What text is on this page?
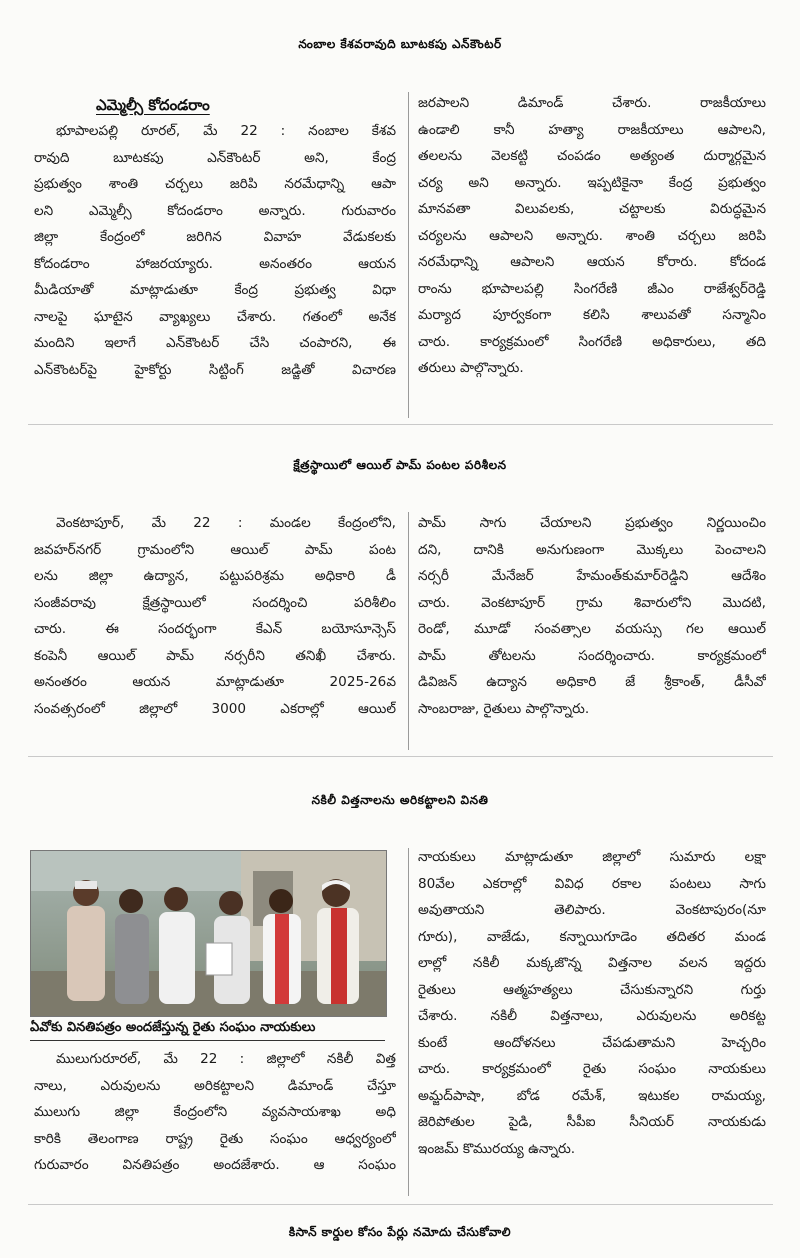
నంబాల కేశవరావుది బూటకపు ఎన్‌కౌంటర్
ఎమ్మెల్సీ కోదండరాం
భూపాలపల్లి రూరల్, మే 22 : నంబాల కేశవ
రావుది బూటకపు ఎన్‌కౌంటర్ అని, కేంద్ర
ప్రభుత్వం శాంతి చర్చలు జరిపి నరమేధాన్ని ఆపా
లని ఎమ్మెల్సీ కోదండరాం అన్నారు. గురువారం
జిల్లా కేంద్రంలో జరిగిన వివాహ వేడుకలకు
కోదండరాం హాజరయ్యారు. అనంతరం ఆయన
మీడియాతో మాట్లాడుతూ కేంద్ర ప్రభుత్వ విధా
నాలపై ఘాటైన వ్యాఖ్యలు చేశారు. గతంలో అనేక
మందిని ఇలాగే ఎన్‌కౌంటర్ చేసి చంపారని, ఈ
ఎన్‌కౌంటర్‌పై హైకోర్టు సిట్టింగ్ జడ్జితో విచారణ
జరపాలని డిమాండ్ చేశారు. రాజకీయాలు
ఉండాలి కానీ హత్యా రాజకీయాలు ఆపాలని,
తలలను వెలకట్టి చంపడం అత్యంత దుర్మార్గమైన
చర్య అని అన్నారు. ఇప్పటికైనా కేంద్ర ప్రభుత్వం
మానవతా విలువలకు, చట్టాలకు విరుద్ధమైన
చర్యలను ఆపాలని అన్నారు. శాంతి చర్చలు జరిపి
నరమేధాన్ని ఆపాలని ఆయన కోరారు. కోదండ
రాంను భూపాలపల్లి సింగరేణి జీఎం రాజేశ్వర్‌రెడ్డి
మర్యాద పూర్వకంగా కలిసి శాలువతో సన్మానిం
చారు. కార్యక్రమంలో సింగరేణి అధికారులు, తది
తరులు పాల్గొన్నారు.
క్షేత్రస్థాయిలో ఆయిల్ పామ్ పంటల పరిశీలన
వెంకటాపూర్, మే 22 : మండల కేంద్రంలోని,
జవహర్‌నగర్ గ్రామంలోని ఆయిల్ పామ్ పంట
లను జిల్లా ఉద్యాన, పట్టుపరిశ్రమ అధికారి డీ
సంజీవరావు క్షేత్రస్థాయిలో సందర్శించి పరిశీలిం
చారు. ఈ సందర్భంగా కేఎన్ బయోసూన్సెస్
కంపెనీ ఆయిల్ పామ్ నర్సరీని తనిఖీ చేశారు.
అనంతరం ఆయన మాట్లాడుతూ 2025-26వ
సంవత్సరంలో జిల్లాలో 3000 ఎకరాల్లో ఆయిల్
పామ్ సాగు చేయాలని ప్రభుత్వం నిర్ణయించిం
దని, దానికి అనుగుణంగా మొక్కలు పెంచాలని
నర్సరీ మేనేజర్ హేమంత్‌కుమార్‌రెడ్డిని ఆదేశిం
చారు. వెంకటాపూర్ గ్రామ శివారులోని మొదటి,
రెండో, మూడో సంవత్సాల వయస్సు గల ఆయిల్
పామ్ తోటలను సందర్శించారు. కార్యక్రమంలో
డివిజన్ ఉద్యాన అధికారి జే శ్రీకాంత్, డీసీవో
సాంబరాజు, రైతులు పాల్గొన్నారు.
నకిలీ విత్తనాలను అరికట్టాలని వినతి
ఏవోకు వినతిపత్రం అందజేస్తున్న రైతు సంఘం నాయకులు
ములుగురూరల్, మే 22 : జిల్లాలో నకిలీ విత్త
నాలు, ఎరువులను అరికట్టాలని డిమాండ్ చేస్తూ
ములుగు జిల్లా కేంద్రంలోని వ్యవసాయశాఖ అధి
కారికి తెలంగాణ రాష్ట్ర రైతు సంఘం ఆధ్వర్యంలో
గురువారం వినతిపత్రం అందజేశారు. ఆ సంఘం
నాయకులు మాట్లాడుతూ జిల్లాలో సుమారు లక్షా
80వేల ఎకరాల్లో వివిధ రకాల పంటలు సాగు
అవుతాయని తెలిపారు. వెంకటాపురం(నూ
గూరు), వాజేడు, కన్నాయిగూడెం తదితర మండ
లాల్లో నకిలీ మక్కజొన్న విత్తనాల వలన ఇద్దరు
రైతులు ఆత్మహత్యలు చేసుకున్నారని గుర్తు
చేశారు. నకిలీ విత్తనాలు, ఎరువులను అరికట్ట
కుంటే ఆందోళనలు చేపడుతామని హెచ్చరిం
చారు. కార్యక్రమంలో రైతు సంఘం నాయకులు
అమ్జద్‌పాషా, బోడ రమేశ్, ఇటుకల రామయ్య,
జెరిపోతుల పైడి, సీపీఐ సీనియర్ నాయకుడు
ఇంజమ్ కొమురయ్య ఉన్నారు.
కిసాన్ కార్డుల కోసం పేర్లు నమోదు చేసుకోవాలి
